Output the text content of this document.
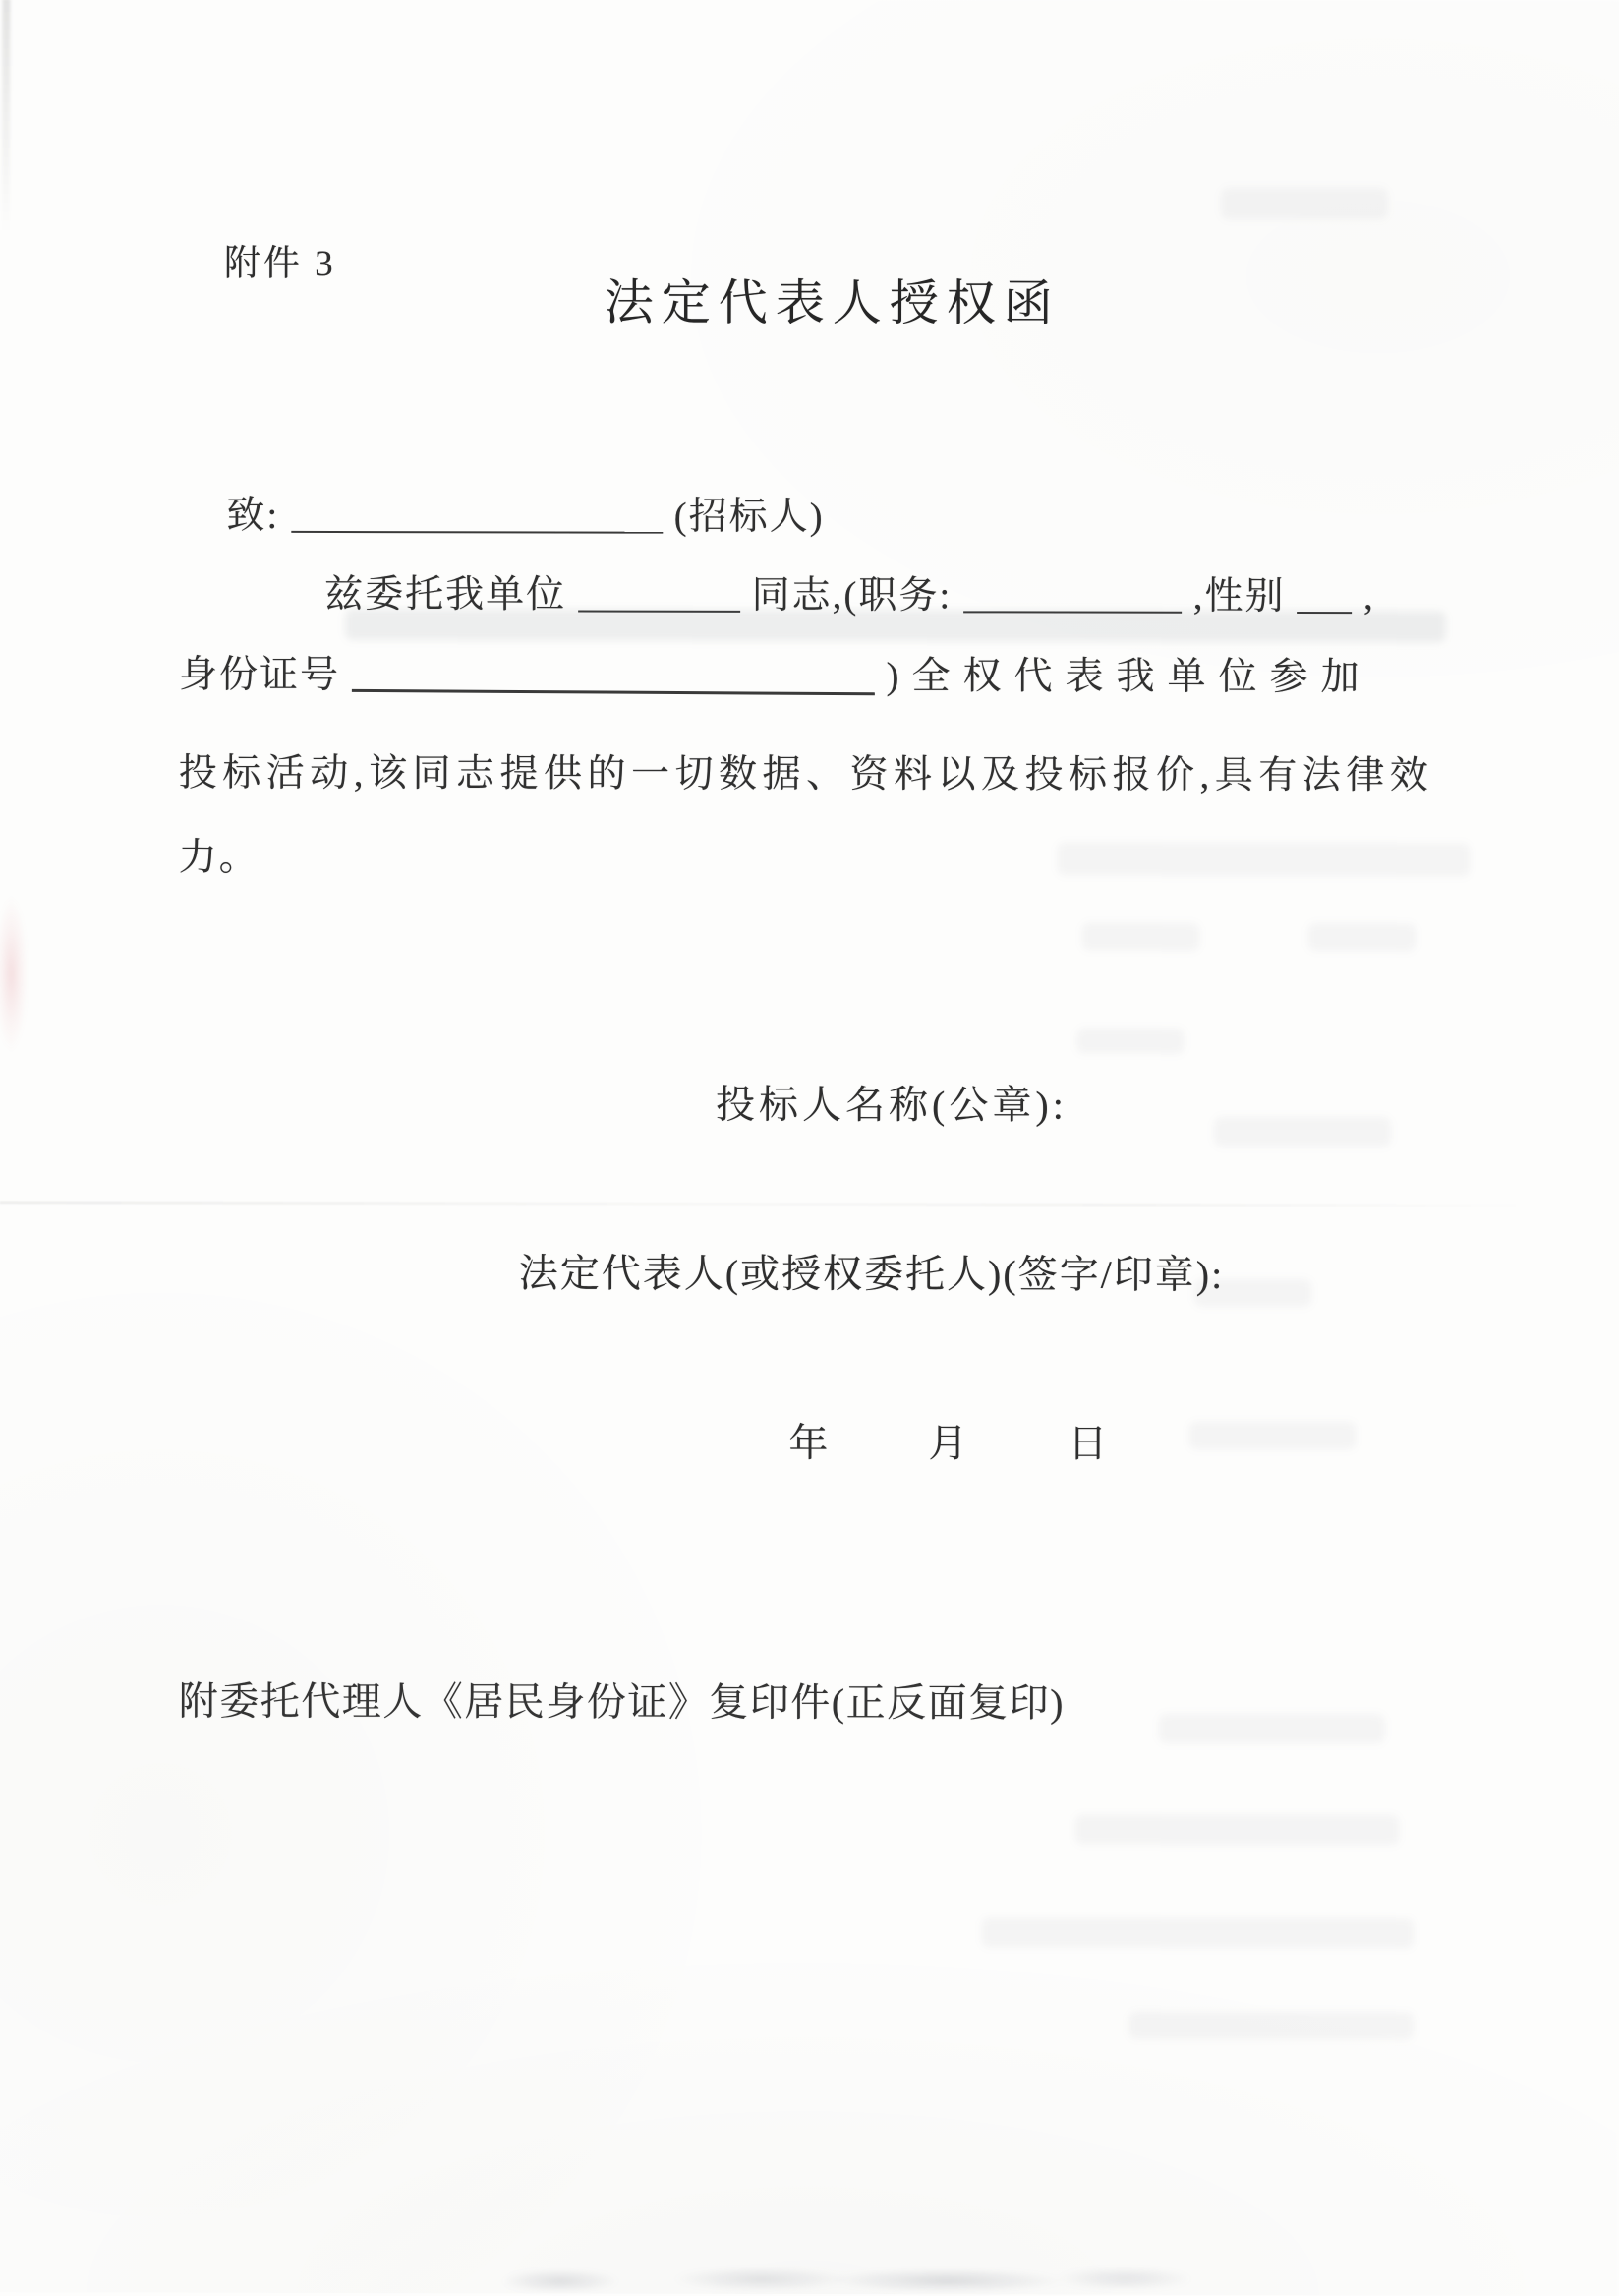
附件 3
法定代表人授权函
致:	(招标人)
兹委托我单位	同志,(职务:	,性别 ,
身份证号	)全权代表我单位参加
投标活动,该同志提供的一切数据、资料以及投标报价,具有法律效
力。
投标人名称(公章):
法定代表人(或授权委托人)(签字/印章):
年	月	日
附委托代理人《居民身份证》复印件(正反面复印)
